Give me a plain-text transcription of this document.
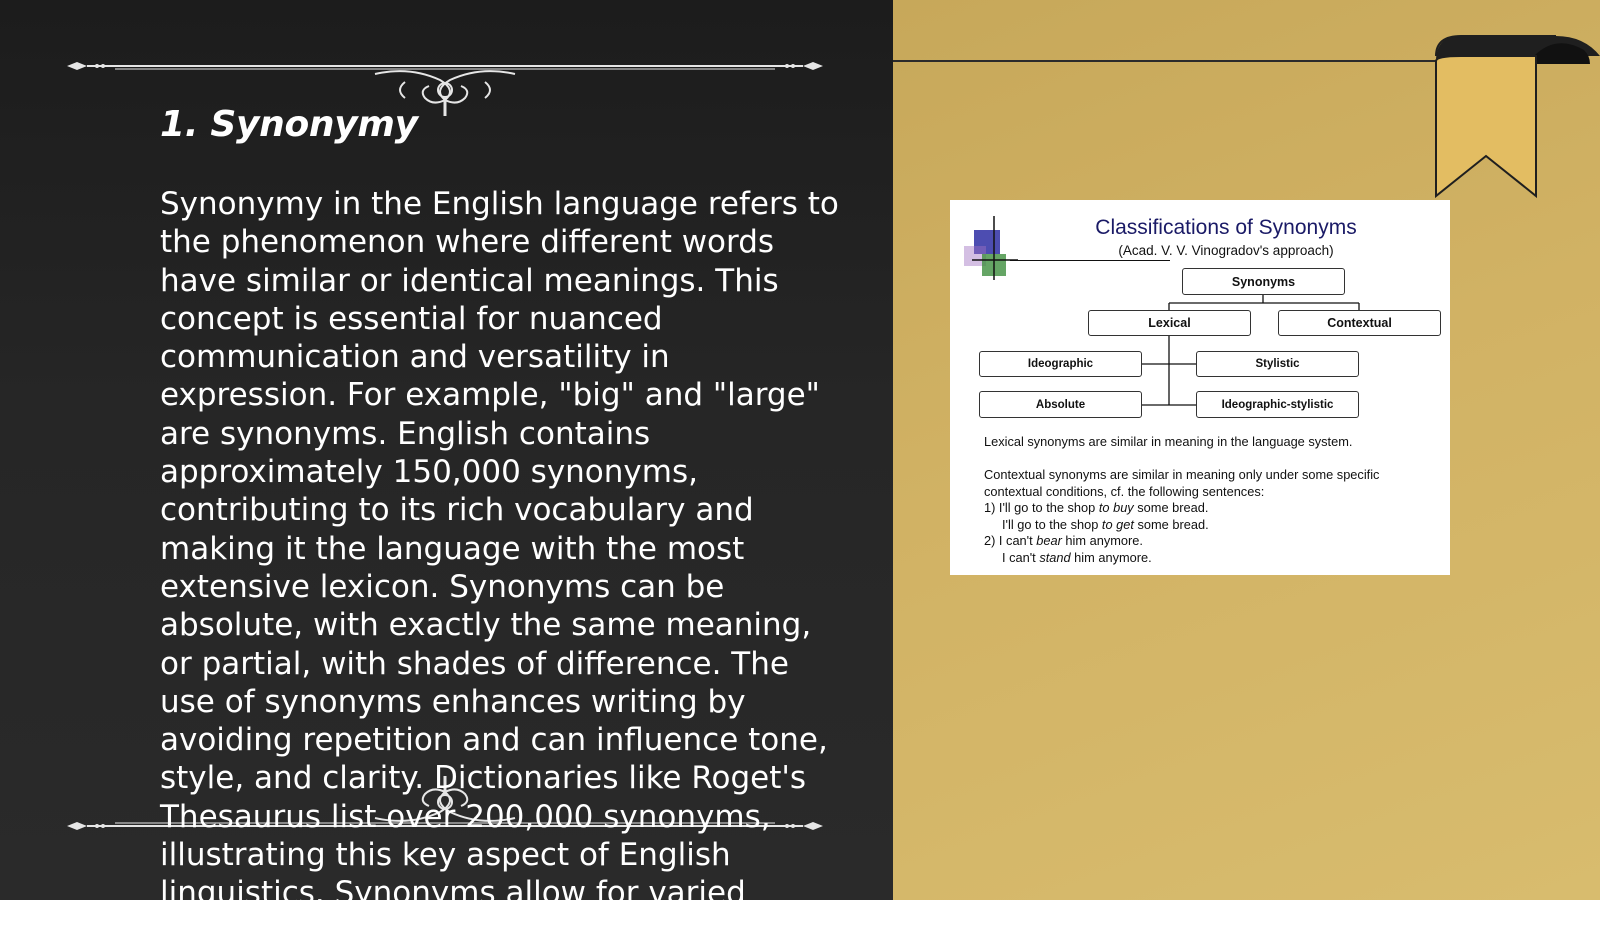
1. Synonymy

Synonymy in the English language refers to the phenomenon where different words have similar or identical meanings. This concept is essential for nuanced communication and versatility in expression. For example, "big" and "large" are synonyms. English contains approximately 150,000 synonyms, contributing to its rich vocabulary and making it the language with the most extensive lexicon. Synonyms can be absolute, with exactly the same meaning, or partial, with shades of difference. The use of synonyms enhances writing by avoiding repetition and can influence tone, style, and clarity. Dictionaries like Roget's Thesaurus list over 200,000 synonyms, illustrating this key aspect of English linguistics. Synonyms allow for varied expression across diverse contexts.

Classifications of Synonyms
(Acad. V. V. Vinogradov's approach)
Synonyms
Lexical	Contextual
Ideographic	Stylistic
Absolute	Ideographic-stylistic
Lexical synonyms are similar in meaning in the language system.
Contextual synonyms are similar in meaning only under some specific
contextual conditions, cf. the following sentences:
1) I'll go to the shop to buy some bread.
I'll go to the shop to get some bread.
2) I can't bear him anymore.
I can't stand him anymore.
